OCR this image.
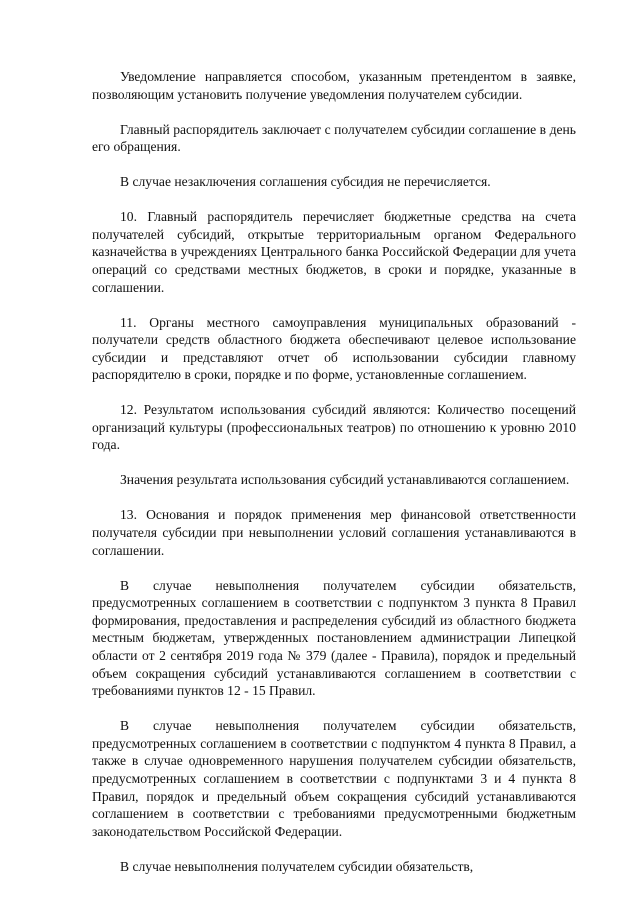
Уведомление направляется способом, указанным претендентом в заявке, позволяющим установить получение уведомления получателем субсидии.

Главный распорядитель заключает с получателем субсидии соглашение в день его обращения.

В случае незаключения соглашения субсидия не перечисляется.

10. Главный распорядитель перечисляет бюджетные средства на счета получателей субсидий, открытые территориальным органом Федерального казначейства в учреждениях Центрального банка Российской Федерации для учета операций со средствами местных бюджетов, в сроки и порядке, указанные в соглашении.

11. Органы местного самоуправления муниципальных образований - получатели средств областного бюджета обеспечивают целевое использование субсидии и представляют отчет об использовании субсидии главному распорядителю в сроки, порядке и по форме, установленные соглашением.

12. Результатом использования субсидий являются: Количество посещений организаций культуры (профессиональных театров) по отношению к уровню 2010 года.

Значения результата использования субсидий устанавливаются соглашением.

13. Основания и порядок применения мер финансовой ответственности получателя субсидии при невыполнении условий соглашения устанавливаются в соглашении.

В случае невыполнения получателем субсидии обязательств, предусмотренных соглашением в соответствии с подпунктом 3 пункта 8 Правил формирования, предоставления и распределения субсидий из областного бюджета местным бюджетам, утвержденных постановлением администрации Липецкой области от 2 сентября 2019 года № 379 (далее - Правила), порядок и предельный объем сокращения субсидий устанавливаются соглашением в соответствии с требованиями пунктов 12 - 15 Правил.

В случае невыполнения получателем субсидии обязательств, предусмотренных соглашением в соответствии с подпунктом 4 пункта 8 Правил, а также в случае одновременного нарушения получателем субсидии обязательств, предусмотренных соглашением в соответствии с подпунктами 3 и 4 пункта 8 Правил, порядок и предельный объем сокращения субсидий устанавливаются соглашением в соответствии с требованиями предусмотренными бюджетным законодательством Российской Федерации.

В случае невыполнения получателем субсидии обязательств,
